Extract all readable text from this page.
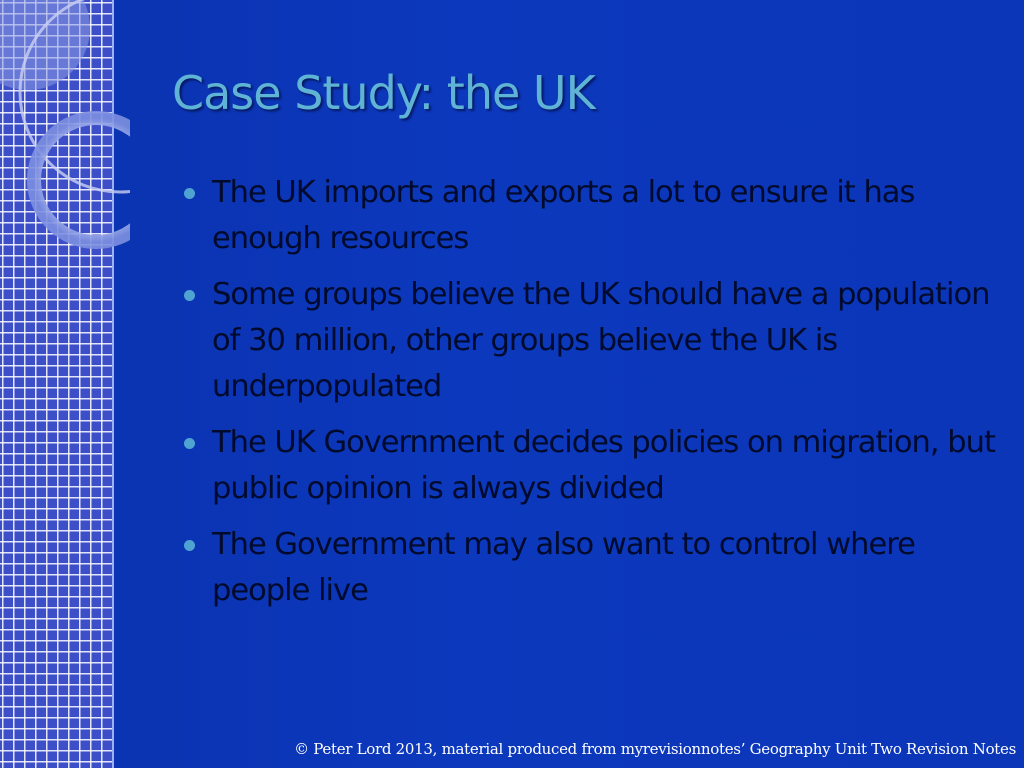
Case Study: the UK
The UK imports and exports a lot to ensure it has enough resources
Some groups believe the UK should have a population of 30 million, other groups believe the UK is underpopulated
The UK Government decides policies on migration, but public opinion is always divided
The Government may also want to control where people live
© Peter Lord 2013, material produced from myrevisionnotes’ Geography Unit Two Revision Notes
